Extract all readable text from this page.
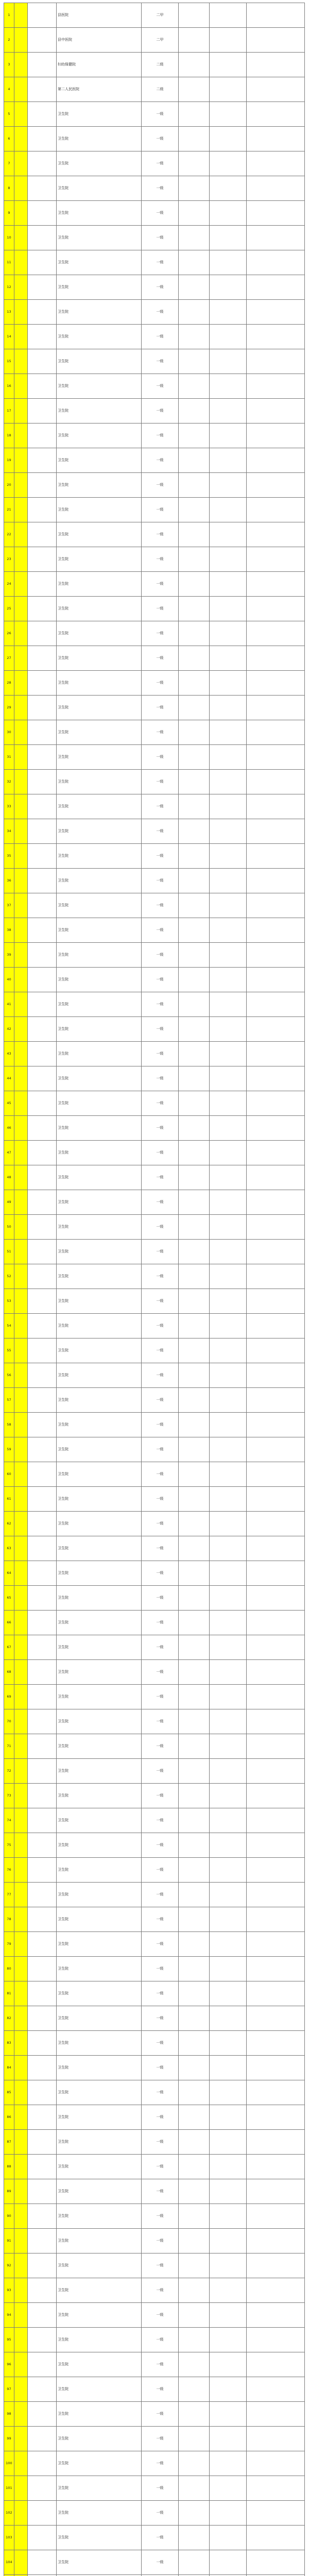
1	县医院	二甲
2	县中医院	二甲
3	妇幼保健院	二级
4	第二人民医院	二级
5	卫生院	一级
6	卫生院	一级
7	卫生院	一级
8	卫生院	一级
9	卫生院	一级
10	卫生院	一级
11	卫生院	一级
12	卫生院	一级
13	卫生院	一级
14	卫生院	一级
15	卫生院	一级
16	卫生院	一级
17	卫生院	一级
18	卫生院	一级
19	卫生院	一级
20	卫生院	一级
21	卫生院	一级
22	卫生院	一级
23	卫生院	一级
24	卫生院	一级
25	卫生院	一级
26	卫生院	一级
27	卫生院	一级
28	卫生院	一级
29	卫生院	一级
30	卫生院	一级
31	卫生院	一级
32	卫生院	一级
33	卫生院	一级
34	卫生院	一级
35	卫生院	一级
36	卫生院	一级
37	卫生院	一级
38	卫生院	一级
39	卫生院	一级
40	卫生院	一级
41	卫生院	一级
42	卫生院	一级
43	卫生院	一级
44	卫生院	一级
45	卫生院	一级
46	卫生院	一级
47	卫生院	一级
48	卫生院	一级
49	卫生院	一级
50	卫生院	一级
51	卫生院	一级
52	卫生院	一级
53	卫生院	一级
54	卫生院	一级
55	卫生院	一级
56	卫生院	一级
57	卫生院	一级
58	卫生院	一级
59	卫生院	一级
60	卫生院	一级
61	卫生院	一级
62	卫生院	一级
63	卫生院	一级
64	卫生院	一级
65	卫生院	一级
66	卫生院	一级
67	卫生院	一级
68	卫生院	一级
69	卫生院	一级
70	卫生院	一级
71	卫生院	一级
72	卫生院	一级
73	卫生院	一级
74	卫生院	一级
75	卫生院	一级
76	卫生院	一级
77	卫生院	一级
78	卫生院	一级
79	卫生院	一级
80	卫生院	一级
81	卫生院	一级
82	卫生院	一级
83	卫生院	一级
84	卫生院	一级
85	卫生院	一级
86	卫生院	一级
87	卫生院	一级
88	卫生院	一级
89	卫生院	一级
90	卫生院	一级
91	卫生院	一级
92	卫生院	一级
93	卫生院	一级
94	卫生院	一级
95	卫生院	一级
96	卫生院	一级
97	卫生院	一级
98	卫生院	一级
99	卫生院	一级
100	卫生院	一级
101	卫生院	一级
102	卫生院	一级
103	卫生院	一级
104	卫生院	一级
